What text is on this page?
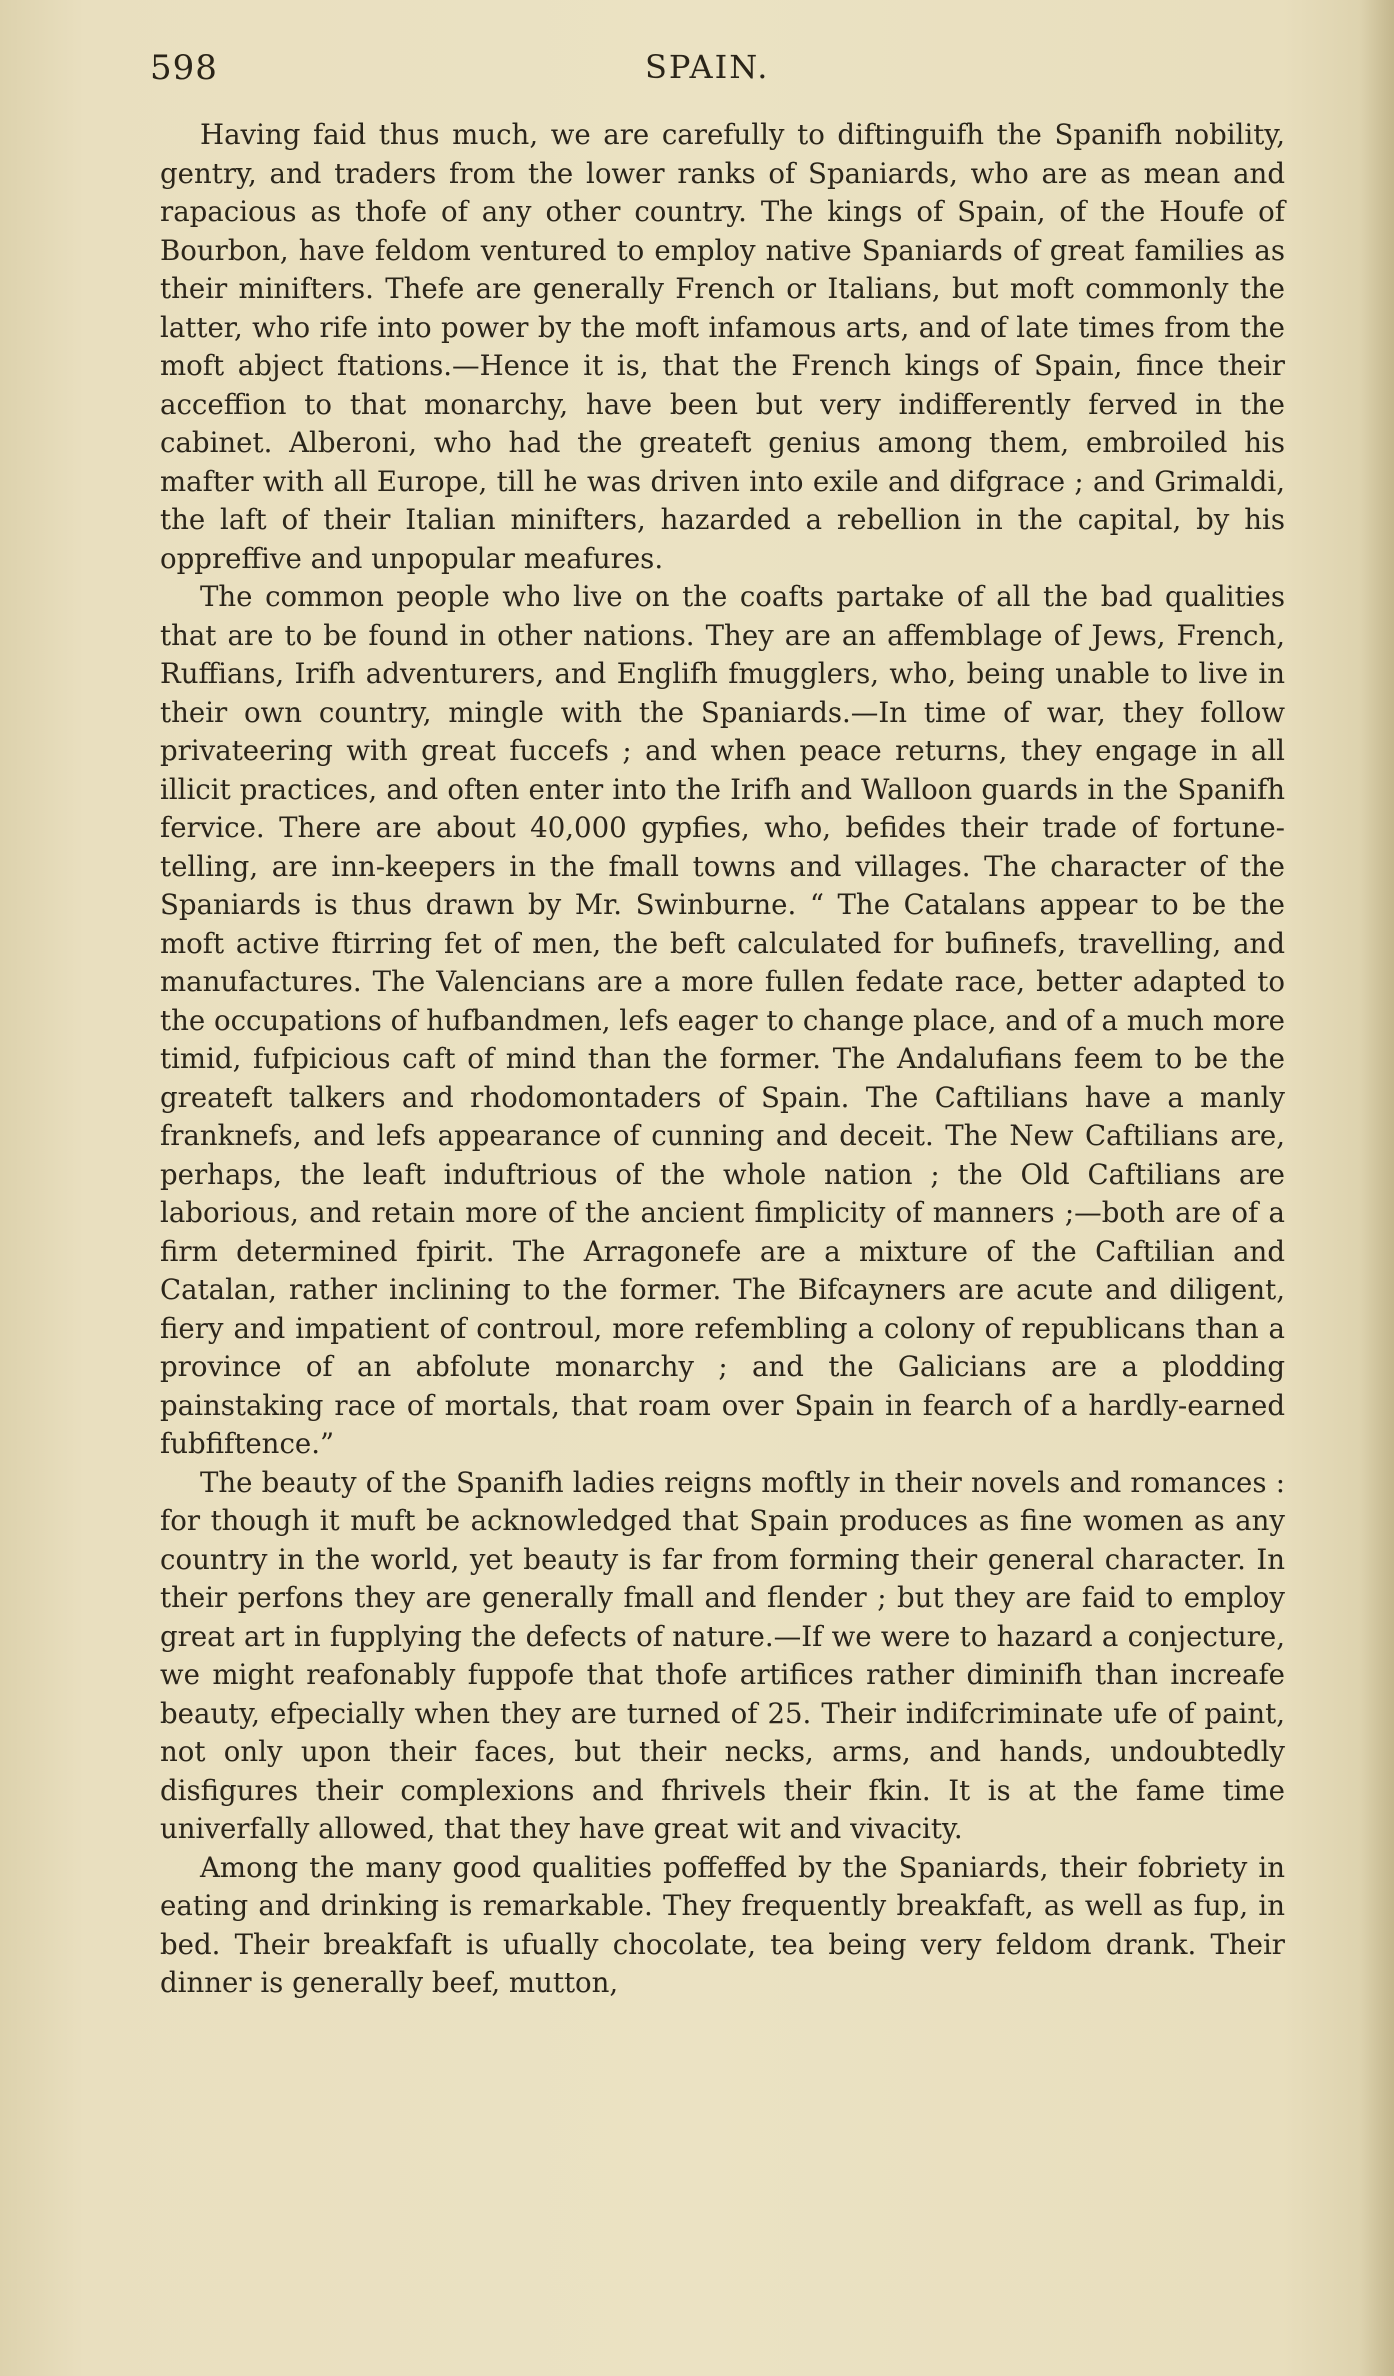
598	SPAIN.

Having faid thus much, we are carefully to diftinguifh the Spanifh nobility, gentry, and traders from the lower ranks of Spaniards, who are as mean and rapacious as thofe of any other country. The kings of Spain, of the Houfe of Bourbon, have feldom ventured to employ native Spaniards of great families as their minifters. Thefe are generally French or Italians, but moft commonly the latter, who rife into power by the moft infamous arts, and of late times from the moft abject ftations.—Hence it is, that the French kings of Spain, fince their acceffion to that monarchy, have been but very indifferently ferved in the cabinet. Alberoni, who had the greateft genius among them, embroiled his mafter with all Europe, till he was driven into exile and difgrace ; and Grimaldi, the laft of their Italian minifters, hazarded a rebellion in the capital, by his oppreffive and unpopular meafures.

The common people who live on the coafts partake of all the bad qualities that are to be found in other nations. They are an affemblage of Jews, French, Ruffians, Irifh adventurers, and Englifh fmugglers, who, being unable to live in their own country, mingle with the Spaniards.—In time of war, they follow privateering with great fuccefs ; and when peace returns, they engage in all illicit practices, and often enter into the Irifh and Walloon guards in the Spanifh fervice. There are about 40,000 gypfies, who, befides their trade of fortune-telling, are inn-keepers in the fmall towns and villages. The character of the Spaniards is thus drawn by Mr. Swinburne. “ The Catalans appear to be the moft active ftirring fet of men, the beft calculated for bufinefs, travelling, and manufactures. The Valencians are a more fullen fedate race, better adapted to the occupations of hufbandmen, lefs eager to change place, and of a much more timid, fufpicious caft of mind than the former. The Andalufians feem to be the greateft talkers and rhodomontaders of Spain. The Caftilians have a manly franknefs, and lefs appearance of cunning and deceit. The New Caftilians are, perhaps, the leaft induftrious of the whole nation ; the Old Caftilians are laborious, and retain more of the ancient fimplicity of manners ;—both are of a firm determined fpirit. The Arragonefe are a mixture of the Caftilian and Catalan, rather inclining to the former. The Bifcayners are acute and diligent, fiery and impatient of controul, more refembling a colony of republicans than a province of an abfolute monarchy ; and the Galicians are a plodding painstaking race of mortals, that roam over Spain in fearch of a hardly-earned fubfiftence.”

The beauty of the Spanifh ladies reigns moftly in their novels and romances : for though it muft be acknowledged that Spain produces as fine women as any country in the world, yet beauty is far from forming their general character. In their perfons they are generally fmall and flender ; but they are faid to employ great art in fupplying the defects of nature.—If we were to hazard a conjecture, we might reafonably fuppofe that thofe artifices rather diminifh than increafe beauty, efpecially when they are turned of 25. Their indifcriminate ufe of paint, not only upon their faces, but their necks, arms, and hands, undoubtedly disfigures their complexions and fhrivels their fkin. It is at the fame time univerfally allowed, that they have great wit and vivacity.

Among the many good qualities poffeffed by the Spaniards, their fobriety in eating and drinking is remarkable. They frequently breakfaft, as well as fup, in bed. Their breakfaft is ufually chocolate, tea being very feldom drank. Their dinner is generally beef, mutton,
